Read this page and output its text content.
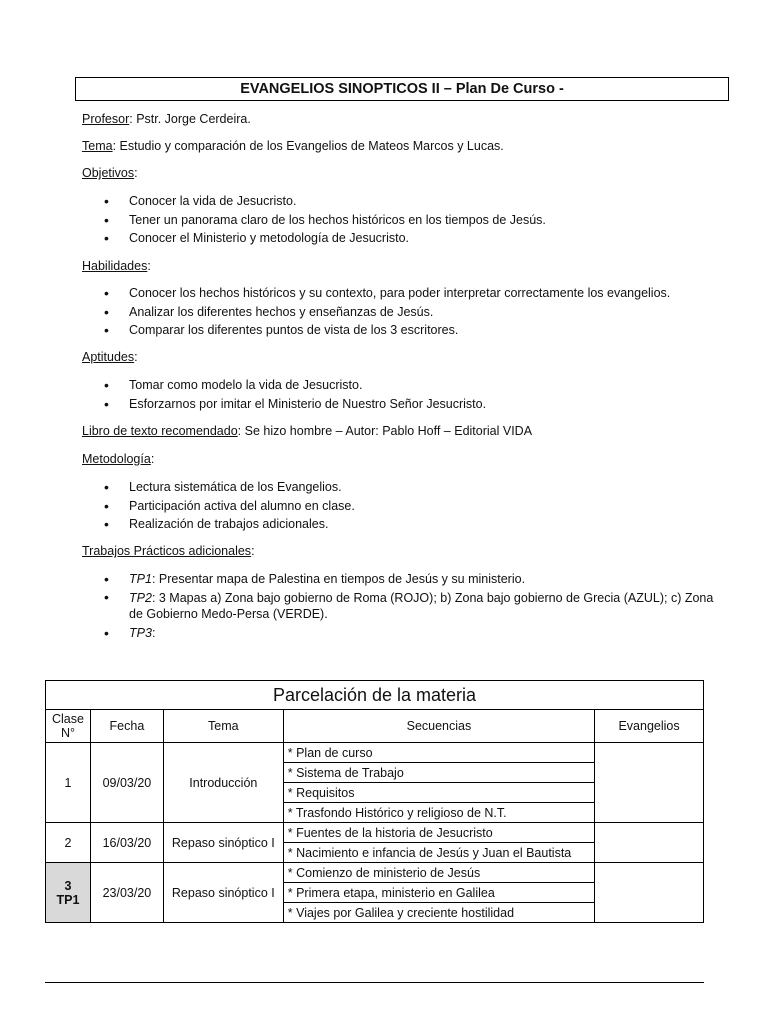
EVANGELIOS SINOPTICOS II – Plan De Curso -
Profesor: Pstr. Jorge Cerdeira.
Tema: Estudio y comparación de los Evangelios de Mateos Marcos y Lucas.
Objetivos:
• Conocer la vida de Jesucristo.
• Tener un panorama claro de los hechos históricos en los tiempos de Jesús.
• Conocer el Ministerio y metodología de Jesucristo.
Habilidades:
• Conocer los hechos históricos y su contexto, para poder interpretar correctamente los evangelios.
• Analizar los diferentes hechos y enseñanzas de Jesús.
• Comparar los diferentes puntos de vista de los 3 escritores.
Aptitudes:
• Tomar como modelo la vida de Jesucristo.
• Esforzarnos por imitar el Ministerio de Nuestro Señor Jesucristo.
Libro de texto recomendado: Se hizo hombre – Autor: Pablo Hoff – Editorial VIDA
Metodología:
• Lectura sistemática de los Evangelios.
• Participación activa del alumno en clase.
• Realización de trabajos adicionales.
Trabajos Prácticos adicionales:
• TP1: Presentar mapa de Palestina en tiempos de Jesús y su ministerio.
• TP2: 3 Mapas a) Zona bajo gobierno de Roma (ROJO); b) Zona bajo gobierno de Grecia (AZUL); c) Zona de Gobierno Medo-Persa (VERDE).
• TP3:
Parcelación de la materia				
Clase
N°	Fecha	Tema	Secuencias	Evangelios
1	09/03/20	Introducción	* Plan de curso	
			* Sistema de Trabajo	
			* Requisitos	
			* Trasfondo Histórico y religioso de N.T.	
2	16/03/20	Repaso sinóptico I	* Fuentes de la historia de Jesucristo	
			* Nacimiento e infancia de Jesús y Juan el Bautista	
3
TP1	23/03/20	Repaso sinóptico I	* Comienzo de ministerio de Jesús	
			* Primera etapa, ministerio en Galilea	
			* Viajes por Galilea y creciente hostilidad	
